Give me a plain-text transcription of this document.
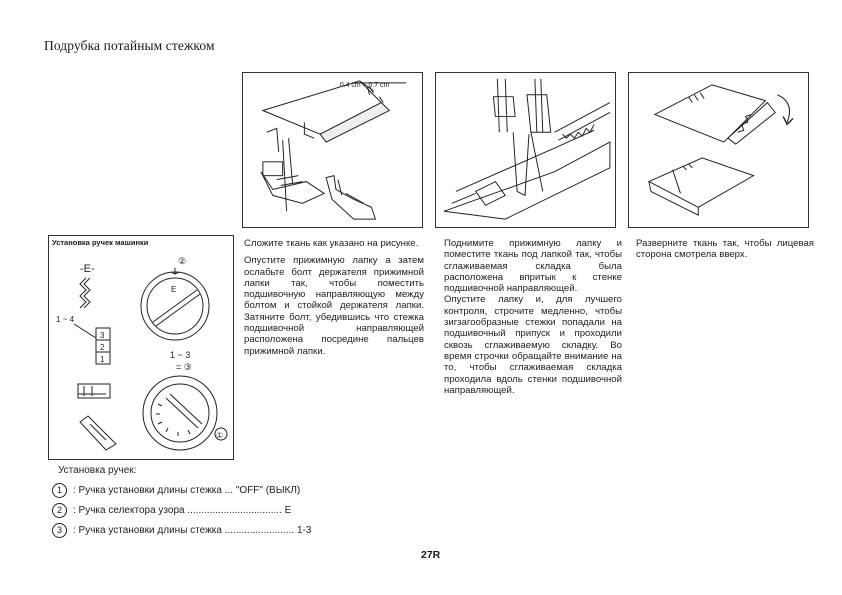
Подрубка потайным стежком
0.4 cm ~ 0.7 cm
Установка ручек машинки
-E-
1 ~ 4
3
2
1
②
E
1 ~ 3
= ③
①

Сложите ткань как указано на рисунке.

Опустите прижимную лапку а затем ослабьте болт держателя прижимной лапки так, чтобы поместить подшивочную направляющую между болтом и стойкой держателя лапки. Затяните болт, убедившись что стежка подшивочной направляющей расположена посредине пальцев прижимной лапки.

Поднимите прижимную лапку и поместите ткань под лапкой так, чтобы сглаживаемая складка была расположена впритык к стенке подшивочной направляющей.

Опустите лапку и, для лучшего контроля, строчите медленно, чтобы зигзагообразные стежки попадали на подшивочный припуск и проходили сквозь сглаживаемую складку. Во время строчки обращайте внимание на то, чтобы сглаживаемая складка проходила вдоль стенки подшивочной направляющей.

Разверните ткань так, чтобы лицевая сторона смотрела вверх.

Установка ручек:
1	: Ручка установки длины стежка ... "OFF" (ВЫКЛ)
2	: Ручка селектора узора .................................. E
3	: Ручка установки длины стежка ......................... 1-3
27R
